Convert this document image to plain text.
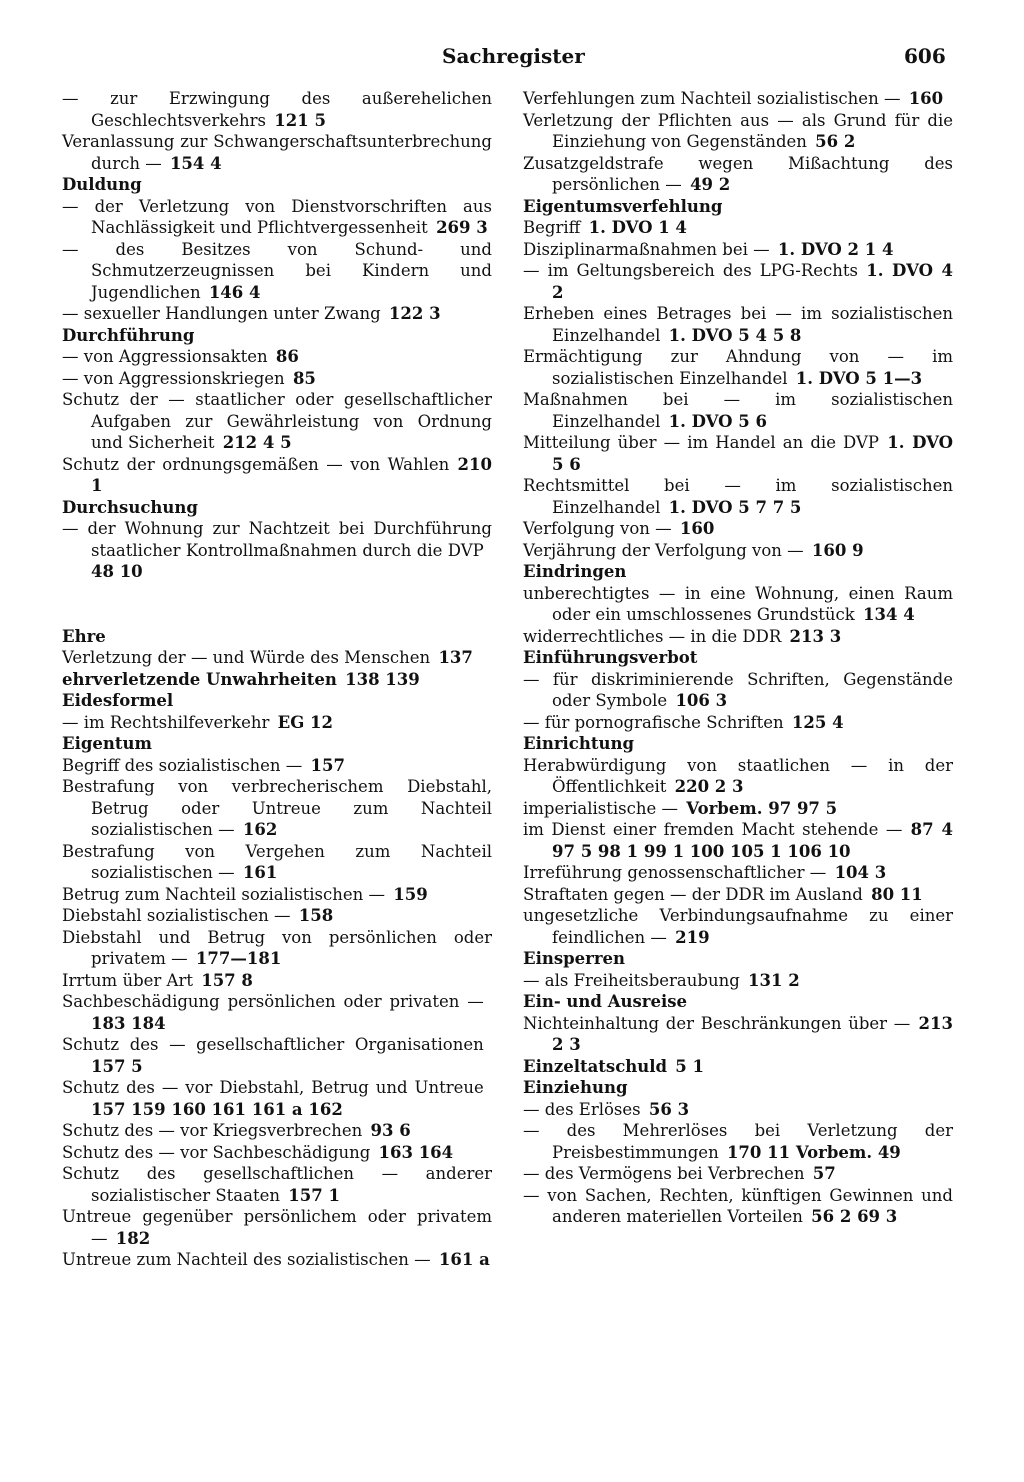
Sachregister	606
— zur Erzwingung des außerehelichen Geschlechtsverkehrs  121 5
Veranlassung zur Schwangerschaftsunterbrechung durch —  154 4
Duldung
— der Verletzung von Dienstvorschriften aus Nachlässigkeit und Pflichtvergessenheit  269 3
— des Besitzes von Schund- und Schmutzerzeugnissen bei Kindern und Jugendlichen  146 4
— sexueller Handlungen unter Zwang  122 3
Durchführung
— von Aggressionsakten  86
— von Aggressionskriegen  85
Schutz der — staatlicher oder gesellschaftlicher Aufgaben zur Gewährleistung von Ordnung und Sicherheit  212 4 5
Schutz der ordnungsgemäßen — von Wahlen  210 1
Durchsuchung
— der Wohnung zur Nachtzeit bei Durchführung staatlicher Kontrollmaßnahmen durch die DVP 48 10
Ehre
Verletzung der — und Würde des Menschen  137
ehrverletzende Unwahrheiten  138 139
Eidesformel
— im Rechtshilfeverkehr  EG 12
Eigentum
Begriff des sozialistischen —  157
Bestrafung von verbrecherischem Diebstahl, Betrug oder Untreue zum Nachteil sozialistischen —  162
Bestrafung von Vergehen zum Nachteil sozialistischen —  161
Betrug zum Nachteil sozialistischen —  159
Diebstahl sozialistischen —  158
Diebstahl und Betrug von persönlichen oder privatem —  177—181
Irrtum über Art  157 8
Sachbeschädigung persönlichen oder privaten — 183 184
Schutz des — gesellschaftlicher Organisationen 157 5
Schutz des — vor Diebstahl, Betrug und Untreue 157 159 160 161 161 a 162
Schutz des — vor Kriegsverbrechen  93 6
Schutz des — vor Sachbeschädigung  163 164
Schutz des gesellschaftlichen — anderer sozialistischer Staaten  157 1
Untreue gegenüber persönlichem oder privatem —  182
Untreue zum Nachteil des sozialistischen —  161 a
Verfehlungen zum Nachteil sozialistischen —  160
Verletzung der Pflichten aus — als Grund für die Einziehung von Gegenständen  56 2
Zusatzgeldstrafe wegen Mißachtung des persönlichen —  49 2
Eigentumsverfehlung
Begriff  1. DVO 1 4
Disziplinarmaßnahmen bei —  1. DVO 2 1 4
— im Geltungsbereich des LPG-Rechts  1. DVO 4 2
Erheben eines Betrages bei — im sozialistischen Einzelhandel  1. DVO 5 4 5 8
Ermächtigung zur Ahndung von — im sozialistischen Einzelhandel  1. DVO 5 1—3
Maßnahmen bei — im sozialistischen Einzelhandel  1. DVO 5 6
Mitteilung über — im Handel an die DVP  1. DVO 5 6
Rechtsmittel bei — im sozialistischen Einzelhandel  1. DVO 5 7 7 5
Verfolgung von —  160
Verjährung der Verfolgung von —  160 9
Eindringen
unberechtigtes — in eine Wohnung, einen Raum oder ein umschlossenes Grundstück  134 4
widerrechtliches — in die DDR  213 3
Einführungsverbot
— für diskriminierende Schriften, Gegenstände oder Symbole  106 3
— für pornografische Schriften  125 4
Einrichtung
Herabwürdigung von staatlichen — in der Öffentlichkeit  220 2 3
imperialistische —  Vorbem. 97 97 5
im Dienst einer fremden Macht stehende —  87 4 97 5 98 1 99 1 100 105 1 106 10
Irreführung genossenschaftlicher —  104 3
Straftaten gegen — der DDR im Ausland  80 11
ungesetzliche Verbindungsaufnahme zu einer feindlichen —  219
Einsperren
— als Freiheitsberaubung  131 2
Ein- und Ausreise
Nichteinhaltung der Beschränkungen über —  213 2 3
Einzeltatschuld  5 1
Einziehung
— des Erlöses  56 3
— des Mehrerlöses bei Verletzung der Preisbestimmungen  170 11 Vorbem. 49
— des Vermögens bei Verbrechen  57
— von Sachen, Rechten, künftigen Gewinnen und anderen materiellen Vorteilen  56 2 69 3
